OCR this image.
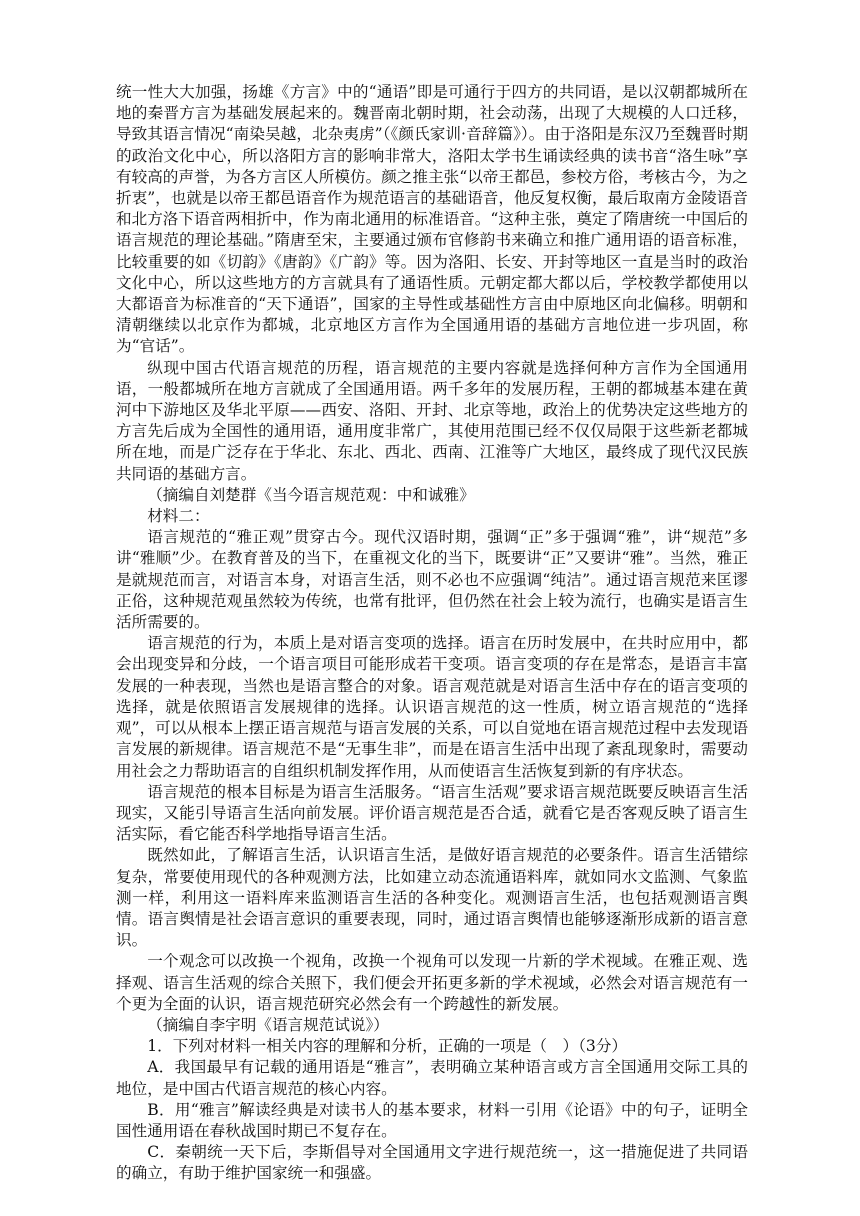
统一性大大加强，扬雄《方言》中的“通语”即是可通行于四方的共同语，是以汉朝都城所在地的秦晋方言为基础发展起来的。魏晋南北朝时期，社会动荡，出现了大规模的人口迁移，导致其语言情况“南染吴越，北杂夷虏”（《颜氏家训·音辞篇》）。由于洛阳是东汉乃至魏晋时期的政治文化中心，所以洛阳方言的影响非常大，洛阳太学书生诵读经典的读书音“洛生咏”享有较高的声誉，为各方言区人所模仿。颜之推主张“以帝王都邑，参校方俗，考核古今，为之折衷”，也就是以帝王都邑语音作为规范语言的基础语音，他反复权衡，最后取南方金陵语音和北方洛下语音两相折中，作为南北通用的标准语音。“这种主张，奠定了隋唐统一中国后的语言规范的理论基础。”隋唐至宋，主要通过颁布官修韵书来确立和推广通用语的语音标准，比较重要的如《切韵》《唐韵》《广韵》等。因为洛阳、长安、开封等地区一直是当时的政治文化中心，所以这些地方的方言就具有了通语性质。元朝定都大都以后，学校教学都使用以大都语音为标准音的“天下通语”，国家的主导性或基础性方言由中原地区向北偏移。明朝和清朝继续以北京作为都城，北京地区方言作为全国通用语的基础方言地位进一步巩固，称为“官话”。

纵现中国古代语言规范的历程，语言规范的主要内容就是选择何种方言作为全国通用语，一般都城所在地方言就成了全国通用语。两千多年的发展历程，王朝的都城基本建在黄河中下游地区及华北平原——西安、洛阳、开封、北京等地，政治上的优势决定这些地方的方言先后成为全国性的通用语，通用度非常广，其使用范围已经不仅仅局限于这些新老都城所在地，而是广泛存在于华北、东北、西北、西南、江淮等广大地区，最终成了现代汉民族共同语的基础方言。

（摘编自刘楚群《当今语言规范观：中和诚雅》

材料二：

语言规范的“雅正观”贯穿古今。现代汉语时期，强调“正”多于强调“雅”，讲“规范”多讲“雅顺”少。在教育普及的当下，在重视文化的当下，既要讲“正”又要讲“雅”。当然，雅正是就规范而言，对语言本身，对语言生活，则不必也不应强调“纯洁”。通过语言规范来匡谬正俗，这种规范观虽然较为传统，也常有批评，但仍然在社会上较为流行，也确实是语言生活所需要的。

语言规范的行为，本质上是对语言变项的选择。语言在历时发展中，在共时应用中，都会出现变异和分歧，一个语言项目可能形成若干变项。语言变项的存在是常态，是语言丰富发展的一种表现，当然也是语言整合的对象。语言观范就是对语言生活中存在的语言变项的选择，就是依照语言发展规律的选择。认识语言规范的这一性质，树立语言规范的“选择观”，可以从根本上摆正语言规范与语言发展的关系，可以自觉地在语言规范过程中去发现语言发展的新规律。语言规范不是“无事生非”，而是在语言生活中出现了紊乱现象时，需要动用社会之力帮助语言的自组织机制发挥作用，从而使语言生活恢复到新的有序状态。

语言规范的根本目标是为语言生活服务。“语言生活观”要求语言规范既要反映语言生活现实，又能引导语言生活向前发展。评价语言规范是否合适，就看它是否客观反映了语言生活实际，看它能否科学地指导语言生活。

既然如此，了解语言生活，认识语言生活，是做好语言规范的必要条件。语言生活错综复杂，常要使用现代的各种观测方法，比如建立动态流通语料库，就如同水文监测、气象监测一样，利用这一语料库来监测语言生活的各种变化。观测语言生活，也包括观测语言舆情。语言舆情是社会语言意识的重要表现，同时，通过语言舆情也能够逐渐形成新的语言意识。

一个观念可以改换一个视角，改换一个视角可以发现一片新的学术视域。在雅正观、选择观、语言生活观的综合关照下，我们便会开拓更多新的学术视域，必然会对语言规范有一个更为全面的认识，语言规范研究必然会有一个跨越性的新发展。

（摘编自李宇明《语言规范试说》）

1．下列对材料一相关内容的理解和分析，正确的一项是（　）（3分）

A．我国最早有记载的通用语是“雅言”，表明确立某种语言或方言全国通用交际工具的地位，是中国古代语言规范的核心内容。

B．用“雅言”解读经典是对读书人的基本要求，材料一引用《论语》中的句子，证明全国性通用语在春秋战国时期已不复存在。

C．秦朝统一天下后，李斯倡导对全国通用文字进行规范统一，这一措施促进了共同语的确立，有助于维护国家统一和强盛。
